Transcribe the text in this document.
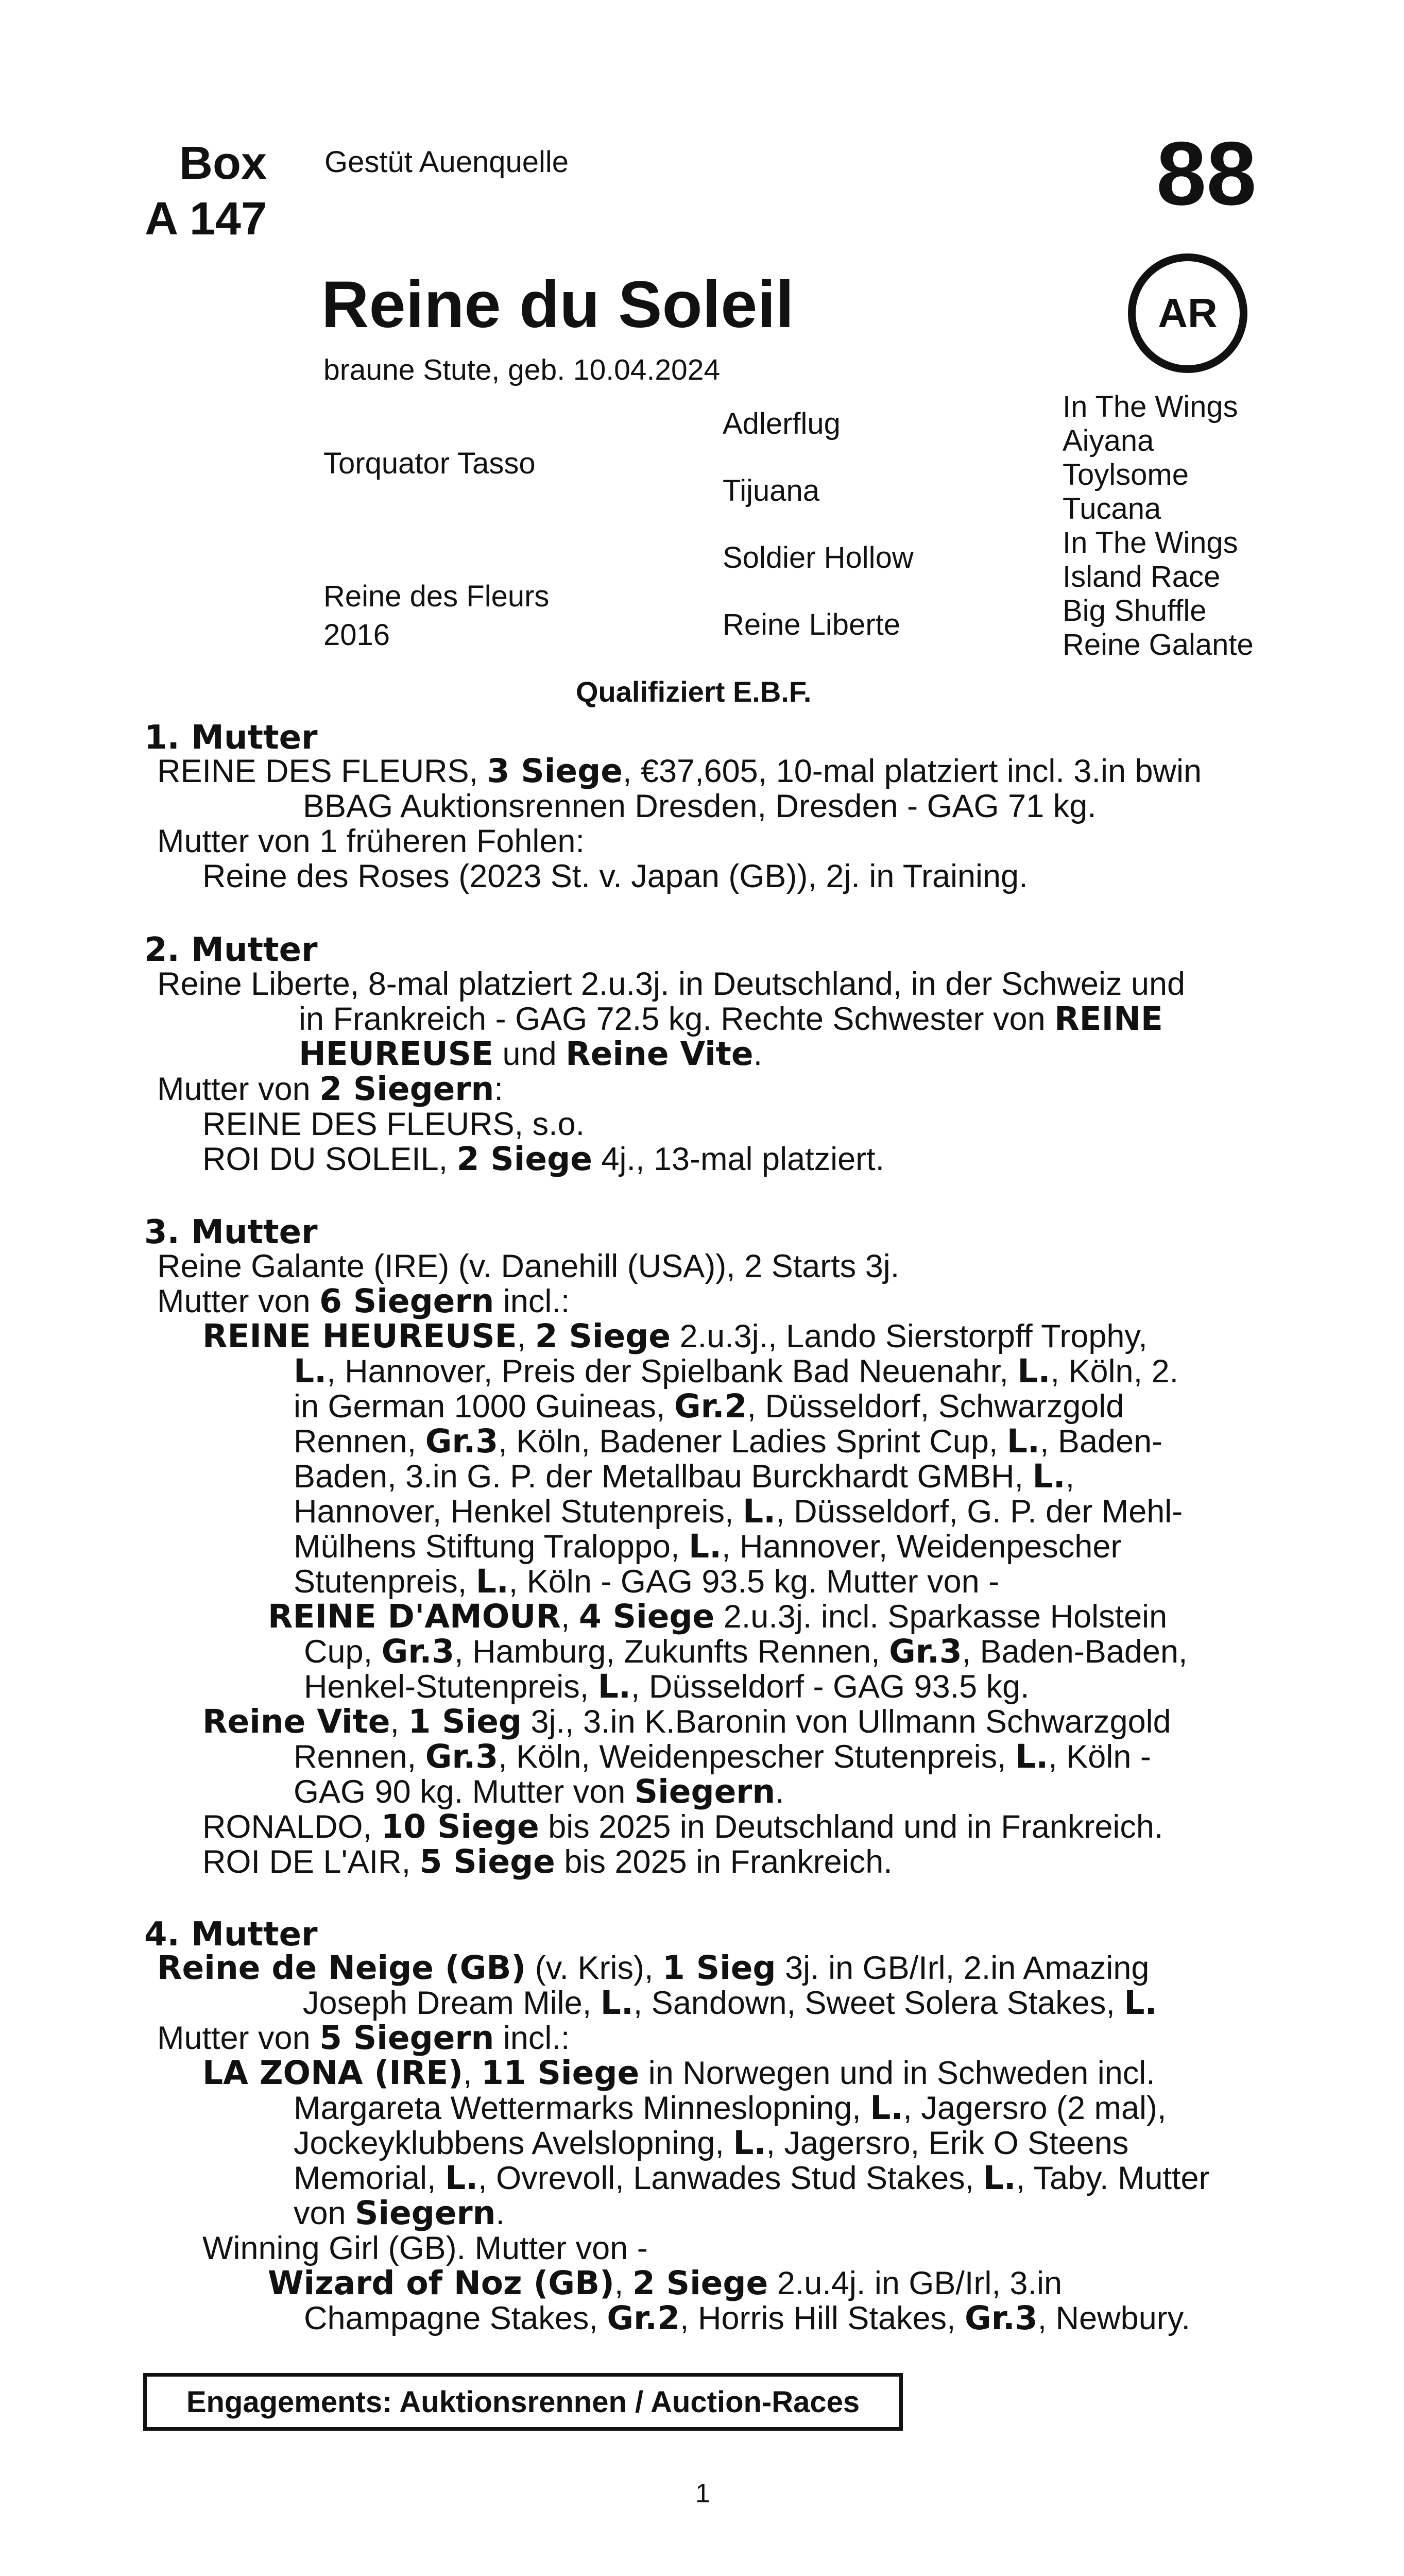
Box
A 147
Gestüt Auenquelle	88
AR
Reine du Soleil
braune Stute, geb. 10.04.2024
Torquator Tasso
Reine des Fleurs
2016
Adlerflug
Tijuana
Soldier Hollow
Reine Liberte
In The Wings
Aiyana
Toylsome
Tucana
In The Wings
Island Race
Big Shuffle
Reine Galante
Qualifiziert E.B.F.
1. Mutter
REINE DES FLEURS, 3 Siege, €37,605, 10-mal platziert incl. 3.in bwin
BBAG Auktionsrennen Dresden, Dresden - GAG 71 kg.
Mutter von 1 früheren Fohlen:
Reine des Roses (2023 St. v. Japan (GB)), 2j. in Training.
2. Mutter
Reine Liberte, 8-mal platziert 2.u.3j. in Deutschland, in der Schweiz und
in Frankreich - GAG 72.5 kg. Rechte Schwester von REINE
HEUREUSE und Reine Vite.
Mutter von 2 Siegern:
REINE DES FLEURS, s.o.
ROI DU SOLEIL, 2 Siege 4j., 13-mal platziert.
3. Mutter
Reine Galante (IRE) (v. Danehill (USA)), 2 Starts 3j.
Mutter von 6 Siegern incl.:
REINE HEUREUSE, 2 Siege 2.u.3j., Lando Sierstorpff Trophy,
L., Hannover, Preis der Spielbank Bad Neuenahr, L., Köln, 2.
in German 1000 Guineas, Gr.2, Düsseldorf, Schwarzgold
Rennen, Gr.3, Köln, Badener Ladies Sprint Cup, L., Baden-
Baden, 3.in G. P. der Metallbau Burckhardt GMBH, L.,
Hannover, Henkel Stutenpreis, L., Düsseldorf, G. P. der Mehl-
Mülhens Stiftung Traloppo, L., Hannover, Weidenpescher
Stutenpreis, L., Köln - GAG 93.5 kg. Mutter von -
REINE D'AMOUR, 4 Siege 2.u.3j. incl. Sparkasse Holstein
Cup, Gr.3, Hamburg, Zukunfts Rennen, Gr.3, Baden-Baden,
Henkel-Stutenpreis, L., Düsseldorf - GAG 93.5 kg.
Reine Vite, 1 Sieg 3j., 3.in K.Baronin von Ullmann Schwarzgold
Rennen, Gr.3, Köln, Weidenpescher Stutenpreis, L., Köln -
GAG 90 kg. Mutter von Siegern.
RONALDO, 10 Siege bis 2025 in Deutschland und in Frankreich.
ROI DE L'AIR, 5 Siege bis 2025 in Frankreich.
4. Mutter
Reine de Neige (GB) (v. Kris), 1 Sieg 3j. in GB/Irl, 2.in Amazing
Joseph Dream Mile, L., Sandown, Sweet Solera Stakes, L.
Mutter von 5 Siegern incl.:
LA ZONA (IRE), 11 Siege in Norwegen und in Schweden incl.
Margareta Wettermarks Minneslopning, L., Jagersro (2 mal),
Jockeyklubbens Avelslopning, L., Jagersro, Erik O Steens
Memorial, L., Ovrevoll, Lanwades Stud Stakes, L., Taby. Mutter
von Siegern.
Winning Girl (GB). Mutter von -
Wizard of Noz (GB), 2 Siege 2.u.4j. in GB/Irl, 3.in
Champagne Stakes, Gr.2, Horris Hill Stakes, Gr.3, Newbury.
Engagements: Auktionsrennen / Auction-Races
1
